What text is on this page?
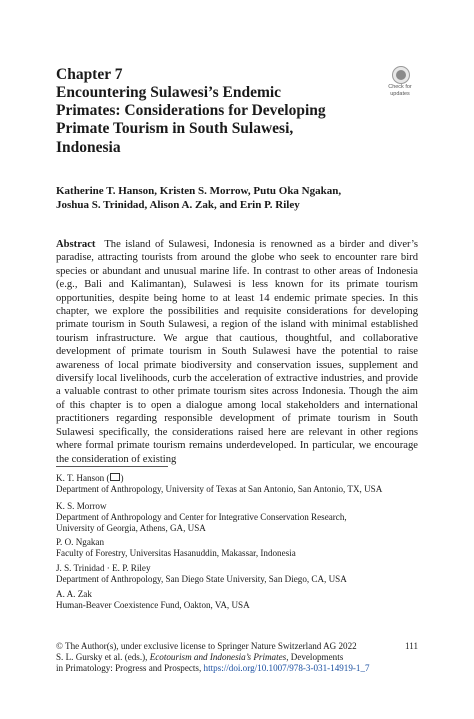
Chapter 7

Encountering Sulawesi’s Endemic

Primates: Considerations for Developing

Primate Tourism in South Sulawesi,

Indonesia

Check for
updates
Katherine T. Hanson, Kristen S. Morrow, Putu Oka Ngakan,
Joshua S. Trinidad, Alison A. Zak, and Erin P. Riley

Abstract The island of Sulawesi, Indonesia is renowned as a birder and diver’s paradise, attracting tourists from around the globe who seek to encounter rare bird species or abundant and unusual marine life. In contrast to other areas of Indonesia (e.g., Bali and Kalimantan), Sulawesi is less known for its primate tourism opportunities, despite being home to at least 14 endemic primate species. In this chapter, we explore the possibilities and requisite considerations for developing primate tourism in South Sulawesi, a region of the island with minimal established tourism infrastructure. We argue that cautious, thoughtful, and collaborative development of primate tourism in South Sulawesi have the potential to raise awareness of local primate biodiversity and conservation issues, supplement and diversify local livelihoods, curb the acceleration of extractive industries, and provide a valuable contrast to other primate tourism sites across Indonesia. Though the aim of this chapter is to open a dialogue among local stakeholders and international practitioners regarding responsible development of primate tourism in South Sulawesi specifically, the considerations raised here are relevant in other regions where formal primate tourism remains underdeveloped. In particular, we encourage the consideration of existing

K. T. Hanson ( )

Department of Anthropology, University of Texas at San Antonio, San Antonio, TX, USA

K. S. Morrow

Department of Anthropology and Center for Integrative Conservation Research,

University of Georgia, Athens, GA, USA

P. O. Ngakan

Faculty of Forestry, Universitas Hasanuddin, Makassar, Indonesia

J. S. Trinidad · E. P. Riley

Department of Anthropology, San Diego State University, San Diego, CA, USA

A. A. Zak

Human-Beaver Coexistence Fund, Oakton, VA, USA

© The Author(s), under exclusive license to Springer Nature Switzerland AG 2022

S. L. Gursky et al. (eds.), Ecotourism and Indonesia’s Primates, Developments

in Primatology: Progress and Prospects, https://doi.org/10.1007/978-3-031-14919-1_7

111
